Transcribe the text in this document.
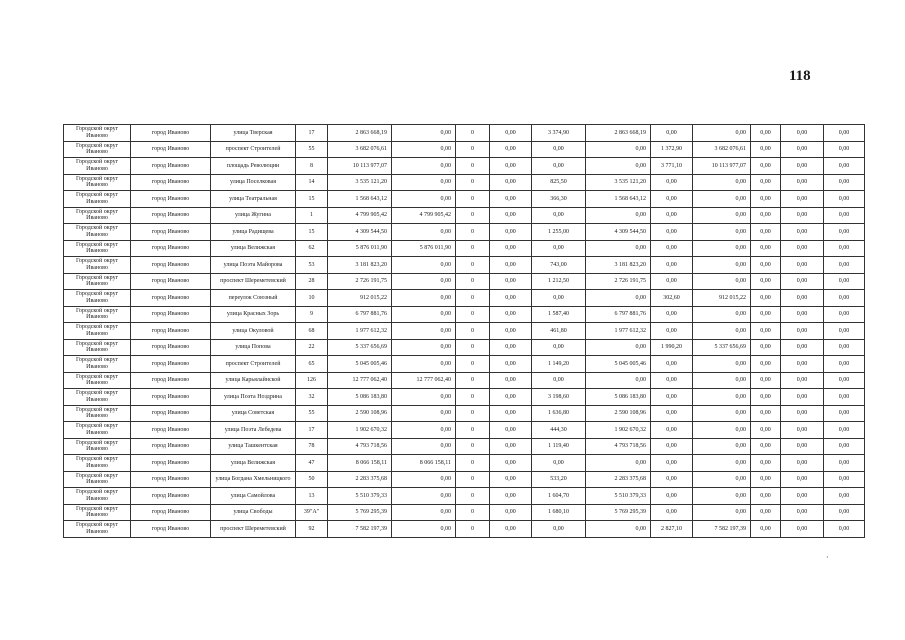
118
Городской округ Иваново	город Иваново	улица Тверская	17	2 863 668,19	0,00	0	0,00	3 374,90	2 863 668,19	0,00	0,00	0,00	0,00	0,00
Городской округ Иваново	город Иваново	проспект Строителей	55	3 682 076,61	0,00	0	0,00	0,00	0,00	1 372,90	3 682 076,61	0,00	0,00	0,00
Городской округ Иваново	город Иваново	площадь Революции	8	10 113 977,07	0,00	0	0,00	0,00	0,00	3 771,10	10 113 977,07	0,00	0,00	0,00
Городской округ Иваново	город Иваново	улица Поселковая	14	3 535 121,20	0,00	0	0,00	825,50	3 535 121,20	0,00	0,00	0,00	0,00	0,00
Городской округ Иваново	город Иваново	улица Театральная	15	1 568 643,12	0,00	0	0,00	366,30	1 568 643,12	0,00	0,00	0,00	0,00	0,00
Городской округ Иваново	город Иваново	улица Жугина	1	4 799 905,42	4 799 905,42	0	0,00	0,00	0,00	0,00	0,00	0,00	0,00	0,00
Городской округ Иваново	город Иваново	улица Радищева	15	4 309 544,50	0,00	0	0,00	1 255,00	4 309 544,50	0,00	0,00	0,00	0,00	0,00
Городской округ Иваново	город Иваново	улица Велижская	62	5 876 011,90	5 876 011,90	0	0,00	0,00	0,00	0,00	0,00	0,00	0,00	0,00
Городской округ Иваново	город Иваново	улица Поэта Майорова	53	3 181 823,20	0,00	0	0,00	743,00	3 181 823,20	0,00	0,00	0,00	0,00	0,00
Городской округ Иваново	город Иваново	проспект Шереметевский	28	2 726 191,75	0,00	0	0,00	1 212,50	2 726 191,75	0,00	0,00	0,00	0,00	0,00
Городской округ Иваново	город Иваново	переулок Союзный	10	912 015,22	0,00	0	0,00	0,00	0,00	302,60	912 015,22	0,00	0,00	0,00
Городской округ Иваново	город Иваново	улица Красных Зорь	9	6 797 881,76	0,00	0	0,00	1 587,40	6 797 881,76	0,00	0,00	0,00	0,00	0,00
Городской округ Иваново	город Иваново	улица Окуловой	68	1 977 612,32	0,00	0	0,00	461,80	1 977 612,32	0,00	0,00	0,00	0,00	0,00
Городской округ Иваново	город Иваново	улица Попова	22	5 337 656,69	0,00	0	0,00	0,00	0,00	1 990,20	5 337 656,69	0,00	0,00	0,00
Городской округ Иваново	город Иваново	проспект Строителей	65	5 045 005,46	0,00	0	0,00	1 149,20	5 045 005,46	0,00	0,00	0,00	0,00	0,00
Городской округ Иваново	город Иваново	улица Карьялайнской	126	12 777 062,40	12 777 062,40	0	0,00	0,00	0,00	0,00	0,00	0,00	0,00	0,00
Городской округ Иваново	город Иваново	улица Поэта Ноздрина	32	5 086 183,80	0,00	0	0,00	3 198,60	5 086 183,80	0,00	0,00	0,00	0,00	0,00
Городской округ Иваново	город Иваново	улица Советская	55	2 590 108,96	0,00	0	0,00	1 636,80	2 590 108,96	0,00	0,00	0,00	0,00	0,00
Городской округ Иваново	город Иваново	улица Поэта Лебедева	17	1 902 670,32	0,00	0	0,00	444,30	1 902 670,32	0,00	0,00	0,00	0,00	0,00
Городской округ Иваново	город Иваново	улица Ташкентская	78	4 793 718,56	0,00	0	0,00	1 119,40	4 793 718,56	0,00	0,00	0,00	0,00	0,00
Городской округ Иваново	город Иваново	улица Велижская	47	8 066 158,11	8 066 158,11	0	0,00	0,00	0,00	0,00	0,00	0,00	0,00	0,00
Городской округ Иваново	город Иваново	улица Богдана Хмельницкого	50	2 283 375,68	0,00	0	0,00	533,20	2 283 375,68	0,00	0,00	0,00	0,00	0,00
Городской округ Иваново	город Иваново	улица Самойлова	13	5 510 379,33	0,00	0	0,00	1 604,70	5 510 379,33	0,00	0,00	0,00	0,00	0,00
Городской округ Иваново	город Иваново	улица Свободы	39"А"	5 769 295,39	0,00	0	0,00	1 680,10	5 769 295,39	0,00	0,00	0,00	0,00	0,00
Городской округ Иваново	город Иваново	проспект Шереметевский	92	7 582 197,39	0,00	0	0,00	0,00	0,00	2 827,10	7 582 197,39	0,00	0,00	0,00
·
